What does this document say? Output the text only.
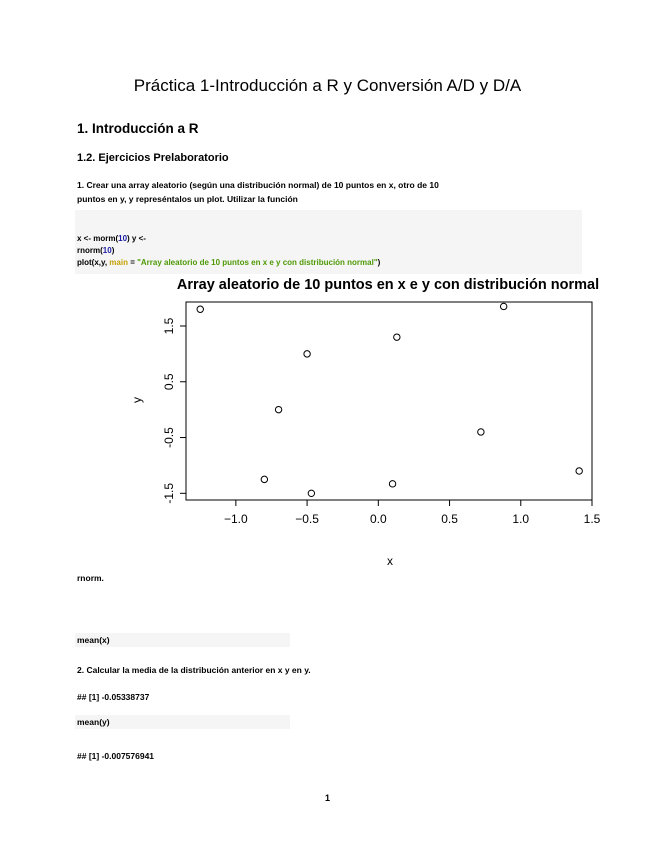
Práctica 1-Introducción a R y Conversión A/D y D/A
1. Introducción a R
1.2. Ejercicios Prelaboratorio
1. Crear una array aleatorio (según una distribución normal) de 10 puntos en x, otro de 10
puntos en y, y represéntalos un plot. Utilizar la función
x <- morm(10) y <-
rnorm(10)
plot(x,y, main = "Array aleatorio de 10 puntos en x e y con distribución normal")
Array aleatorio de 10 puntos en x e y con distribución normal
−1.0	−0.5	0.0	0.5	1.0	1.5
-1.5
-0.5
0.5
1.5
x
y
rnorm.
mean(x)
2. Calcular la media de la distribución anterior en x y en y.
## [1] -0.05338737
mean(y)
## [1] -0.007576941
1
